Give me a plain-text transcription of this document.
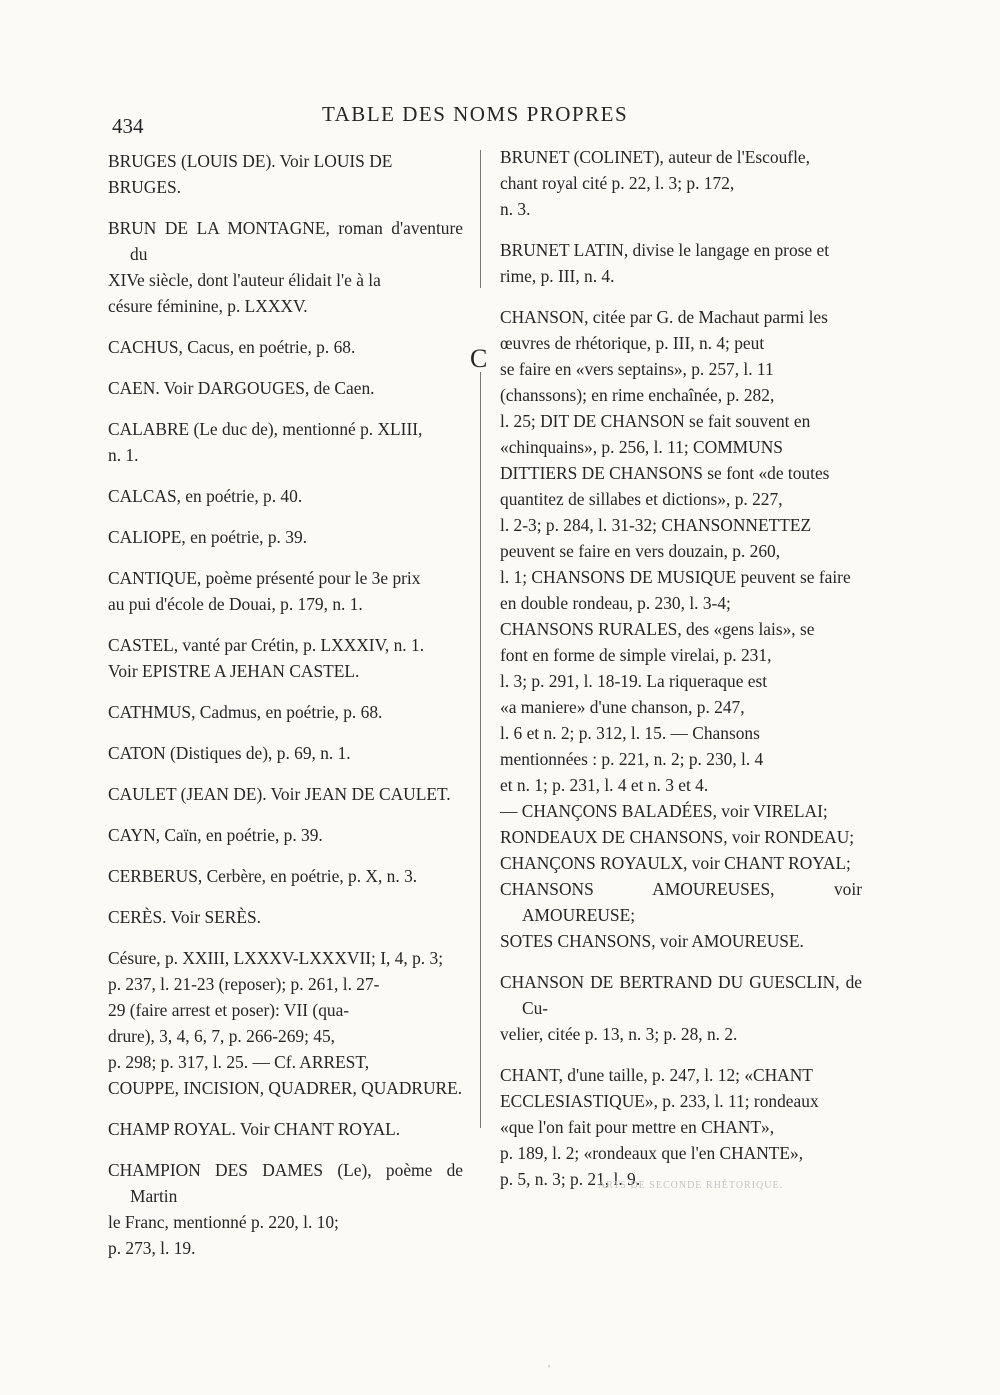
434	TABLE DES NOMS PROPRES
C
BRUGES (LOUIS DE). Voir LOUIS DE
BRUGES.
BRUN DE LA MONTAGNE, roman d'aventure du
XIVe siècle, dont l'auteur élidait l'e à la
césure féminine, p. LXXXV.
CACHUS, Cacus, en poétrie, p. 68.
CAEN. Voir DARGOUGES, de Caen.
CALABRE (Le duc de), mentionné p. XLIII,
n. 1.
CALCAS, en poétrie, p. 40.
CALIOPE, en poétrie, p. 39.
CANTIQUE, poème présenté pour le 3e prix
au pui d'école de Douai, p. 179, n. 1.
CASTEL, vanté par Crétin, p. LXXXIV, n. 1.
Voir EPISTRE A JEHAN CASTEL.
CATHMUS, Cadmus, en poétrie, p. 68.
CATON (Distiques de), p. 69, n. 1.
CAULET (JEAN DE). Voir JEAN DE CAULET.
CAYN, Caïn, en poétrie, p. 39.
CERBERUS, Cerbère, en poétrie, p. X, n. 3.
CERÈS. Voir SERÈS.
Césure, p. XXIII, LXXXV-LXXXVII; I, 4, p. 3;
p. 237, l. 21-23 (reposer); p. 261, l. 27-
29 (faire arrest et poser): VII (qua-
drure), 3, 4, 6, 7, p. 266-269; 45,
p. 298; p. 317, l. 25. — Cf. ARREST,
COUPPE, INCISION, QUADRER, QUADRURE.
CHAMP ROYAL. Voir CHANT ROYAL.
CHAMPION DES DAMES (Le), poème de Martin
le Franc, mentionné p. 220, l. 10;
p. 273, l. 19.
BRUNET (COLINET), auteur de l'Escoufle,
chant royal cité p. 22, l. 3; p. 172,
n. 3.
BRUNET LATIN, divise le langage en prose et
rime, p. III, n. 4.
CHANSON, citée par G. de Machaut parmi les
œuvres de rhétorique, p. III, n. 4; peut
se faire en «vers septains», p. 257, l. 11
(chanssons); en rime enchaînée, p. 282,
l. 25; DIT DE CHANSON se fait souvent en
«chinquains», p. 256, l. 11; COMMUNS
DITTIERS DE CHANSONS se font «de toutes
quantitez de sillabes et dictions», p. 227,
l. 2-3; p. 284, l. 31-32; CHANSONNETTEZ
peuvent se faire en vers douzain, p. 260,
l. 1; CHANSONS DE MUSIQUE peuvent se faire
en double rondeau, p. 230, l. 3-4;
CHANSONS RURALES, des «gens lais», se
font en forme de simple virelai, p. 231,
l. 3; p. 291, l. 18-19. La riqueraque est
«a maniere» d'une chanson, p. 247,
l. 6 et n. 2; p. 312, l. 15. — Chansons
mentionnées : p. 221, n. 2; p. 230, l. 4
et n. 1; p. 231, l. 4 et n. 3 et 4.
— CHANÇONS BALADÉES, voir VIRELAI;
RONDEAUX DE CHANSONS, voir RONDEAU;
CHANÇONS ROYAULX, voir CHANT ROYAL;
CHANSONS AMOUREUSES, voir AMOUREUSE;
SOTES CHANSONS, voir AMOUREUSE.
CHANSON DE BERTRAND DU GUESCLIN, de Cu-
velier, citée p. 13, n. 3; p. 28, n. 2.
CHANT, d'une taille, p. 247, l. 12; «CHANT
ECCLESIASTIQUE», p. 233, l. 11; rondeaux
«que l'on fait pour mettre en CHANT»,
p. 189, l. 2; «rondeaux que l'en CHANTE»,
p. 5, n. 3; p. 21, l. 9.
ARTS DE SECONDE RHÉTORIQUE.
'
